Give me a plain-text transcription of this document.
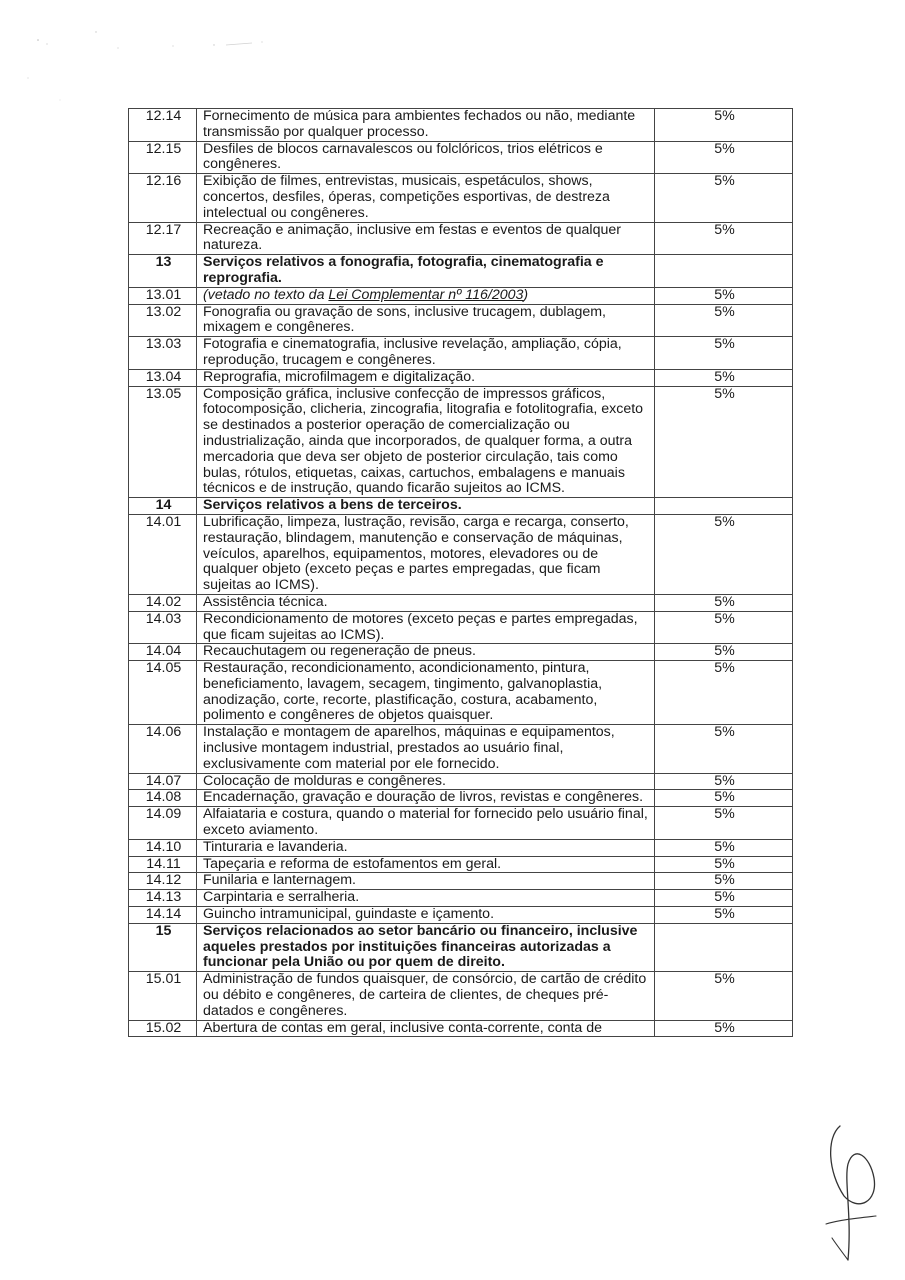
12.14	Fornecimento de música para ambientes fechados ou não, mediante transmissão por qualquer processo.	5%
12.15	Desfiles de blocos carnavalescos ou folclóricos, trios elétricos e congêneres.	5%
12.16	Exibição de filmes, entrevistas, musicais, espetáculos, shows, concertos, desfiles, óperas, competições esportivas, de destreza intelectual ou congêneres.	5%
12.17	Recreação e animação, inclusive em festas e eventos de qualquer natureza.	5%
13	Serviços relativos a fonografia, fotografia, cinematografia e reprografia.	
13.01	(vetado no texto da Lei Complementar nº 116/2003)	5%
13.02	Fonografia ou gravação de sons, inclusive trucagem, dublagem, mixagem e congêneres.	5%
13.03	Fotografia e cinematografia, inclusive revelação, ampliação, cópia, reprodução, trucagem e congêneres.	5%
13.04	Reprografia, microfilmagem e digitalização.	5%
13.05	Composição gráfica, inclusive confecção de impressos gráficos, fotocomposição, clicheria, zincografia, litografia e fotolitografia, exceto se destinados a posterior operação de comercialização ou industrialização, ainda que incorporados, de qualquer forma, a outra mercadoria que deva ser objeto de posterior circulação, tais como bulas, rótulos, etiquetas, caixas, cartuchos, embalagens e manuais técnicos e de instrução, quando ficarão sujeitos ao ICMS.	5%
14	Serviços relativos a bens de terceiros.	
14.01	Lubrificação, limpeza, lustração, revisão, carga e recarga, conserto, restauração, blindagem, manutenção e conservação de máquinas, veículos, aparelhos, equipamentos, motores, elevadores ou de qualquer objeto (exceto peças e partes empregadas, que ficam sujeitas ao ICMS).	5%
14.02	Assistência técnica.	5%
14.03	Recondicionamento de motores (exceto peças e partes empregadas, que ficam sujeitas ao ICMS).	5%
14.04	Recauchutagem ou regeneração de pneus.	5%
14.05	Restauração, recondicionamento, acondicionamento, pintura, beneficiamento, lavagem, secagem, tingimento, galvanoplastia, anodização, corte, recorte, plastificação, costura, acabamento, polimento e congêneres de objetos quaisquer.	5%
14.06	Instalação e montagem de aparelhos, máquinas e equipamentos, inclusive montagem industrial, prestados ao usuário final, exclusivamente com material por ele fornecido.	5%
14.07	Colocação de molduras e congêneres.	5%
14.08	Encadernação, gravação e douração de livros, revistas e congêneres.	5%
14.09	Alfaiataria e costura, quando o material for fornecido pelo usuário final, exceto aviamento.	5%
14.10	Tinturaria e lavanderia.	5%
14.11	Tapeçaria e reforma de estofamentos em geral.	5%
14.12	Funilaria e lanternagem.	5%
14.13	Carpintaria e serralheria.	5%
14.14	Guincho intramunicipal, guindaste e içamento.	5%
15	Serviços relacionados ao setor bancário ou financeiro, inclusive aqueles prestados por instituições financeiras autorizadas a funcionar pela União ou por quem de direito.	
15.01	Administração de fundos quaisquer, de consórcio, de cartão de crédito ou débito e congêneres, de carteira de clientes, de cheques pré-datados e congêneres.	5%
15.02	Abertura de contas em geral, inclusive conta-corrente, conta de	5%
